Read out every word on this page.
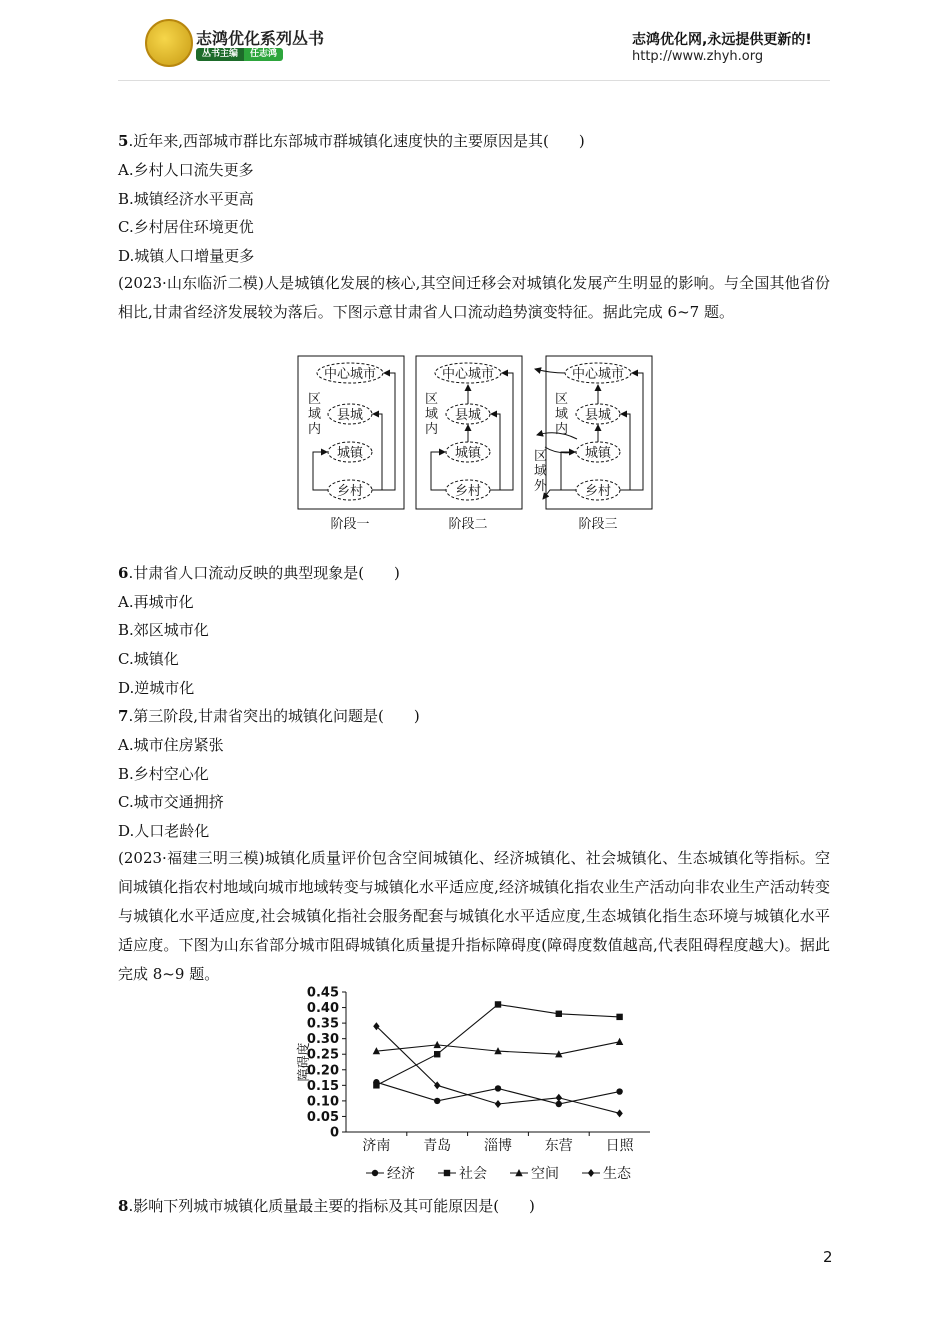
志鸿优化系列丛书
丛书主编	任志鸿
志鸿优化网,永远提供更新的!
http://www.zhyh.org
5.近年来,西部城市群比东部城市群城镇化速度快的主要原因是其(　　)
A.乡村人口流失更多
B.城镇经济水平更高
C.乡村居住环境更优
D.城镇人口增量更多
(2023·山东临沂二模)人是城镇化发展的核心,其空间迁移会对城镇化发展产生明显的影响。与全国其他省份相比,甘肃省经济发展较为落后。下图示意甘肃省人口流动趋势演变特征。据此完成 6~7 题。
中心城市
县城
城镇
乡村
中心城市
县城
城镇
乡村
中心城市
县城
城镇
乡村
阶段一	阶段二	阶段三
区域内
区域内
区域内
区域外
6.甘肃省人口流动反映的典型现象是(　　)
A.再城市化
B.郊区城市化
C.城镇化
D.逆城市化
7.第三阶段,甘肃省突出的城镇化问题是(　　)
A.城市住房紧张
B.乡村空心化
C.城市交通拥挤
D.人口老龄化
(2023·福建三明三模)城镇化质量评价包含空间城镇化、经济城镇化、社会城镇化、生态城镇化等指标。空间城镇化指农村地域向城市地域转变与城镇化水平适应度,经济城镇化指农业生产活动向非农业生产活动转变与城镇化水平适应度,社会城镇化指社会服务配套与城镇化水平适应度,生态城镇化指生态环境与城镇化水平适应度。下图为山东省部分城市阻碍城镇化质量提升指标障碍度(障碍度数值越高,代表阻碍程度越大)。据此完成 8~9 题。
0
0.05
0.10
0.15
0.20
0.25
0.30
0.35
0.40
0.45
障碍度
济南 青岛 淄博 东营 日照
经济	社会	空间	生态
8.影响下列城市城镇化质量最主要的指标及其可能原因是(　　)
2
